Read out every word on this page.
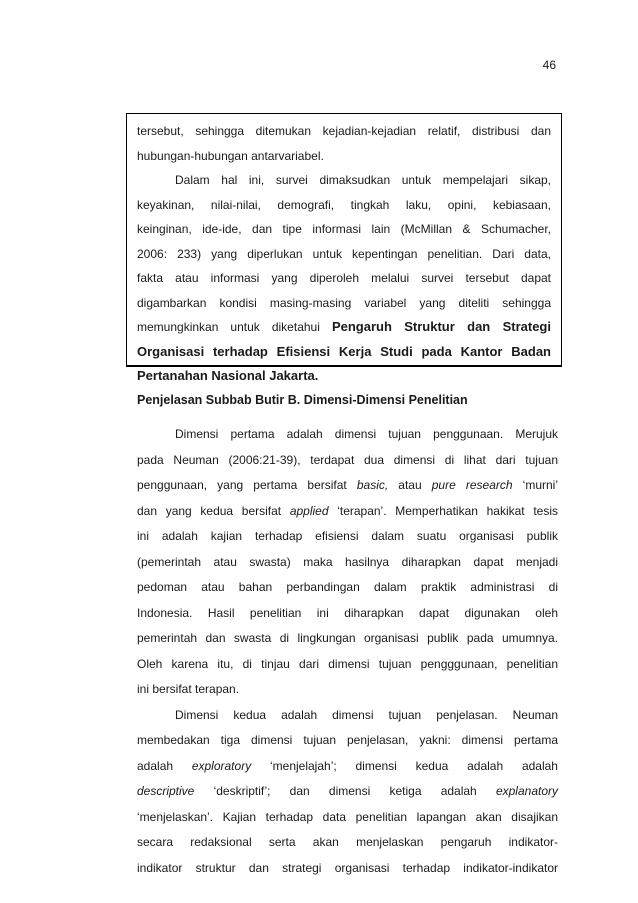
46
tersebut, sehingga ditemukan kejadian-kejadian relatif, distribusi dan
hubungan-hubungan antarvariabel.
Dalam hal ini, survei dimaksudkan untuk mempelajari sikap,
keyakinan, nilai-nilai, demografi, tingkah laku, opini, kebiasaan,
keinginan, ide-ide, dan tipe informasi lain (McMillan & Schumacher,
2006: 233) yang diperlukan untuk kepentingan penelitian. Dari data,
fakta atau informasi yang diperoleh melalui survei tersebut dapat
digambarkan kondisi masing-masing variabel yang diteliti sehingga
memungkinkan untuk diketahui Pengaruh Struktur dan Strategi
Organisasi terhadap Efisiensi Kerja Studi pada Kantor Badan
Pertanahan Nasional Jakarta.
Penjelasan Subbab Butir B. Dimensi-Dimensi Penelitian
Dimensi pertama adalah dimensi tujuan penggunaan. Merujuk
pada Neuman (2006:21-39), terdapat dua dimensi di lihat dari tujuan
penggunaan, yang pertama bersifat basic, atau pure research ‘murni’
dan yang kedua bersifat applied ‘terapan’. Memperhatikan hakikat tesis
ini adalah kajian terhadap efisiensi dalam suatu organisasi publik
(pemerintah atau swasta) maka hasilnya diharapkan dapat menjadi
pedoman atau bahan perbandingan dalam praktik administrasi di
Indonesia. Hasil penelitian ini diharapkan dapat digunakan oleh
pemerintah dan swasta di lingkungan organisasi publik pada umumnya.
Oleh karena itu, di tinjau dari dimensi tujuan pengggunaan, penelitian
ini bersifat terapan.
Dimensi kedua adalah dimensi tujuan penjelasan. Neuman
membedakan tiga dimensi tujuan penjelasan, yakni: dimensi pertama
adalah exploratory ‘menjelajah’; dimensi kedua adalah adalah
descriptive ‘deskriptif’; dan dimensi ketiga adalah explanatory
‘menjelaskan’. Kajian terhadap data penelitian lapangan akan disajikan
secara redaksional serta akan menjelaskan pengaruh indikator-
indikator struktur dan strategi organisasi terhadap indikator-indikator
